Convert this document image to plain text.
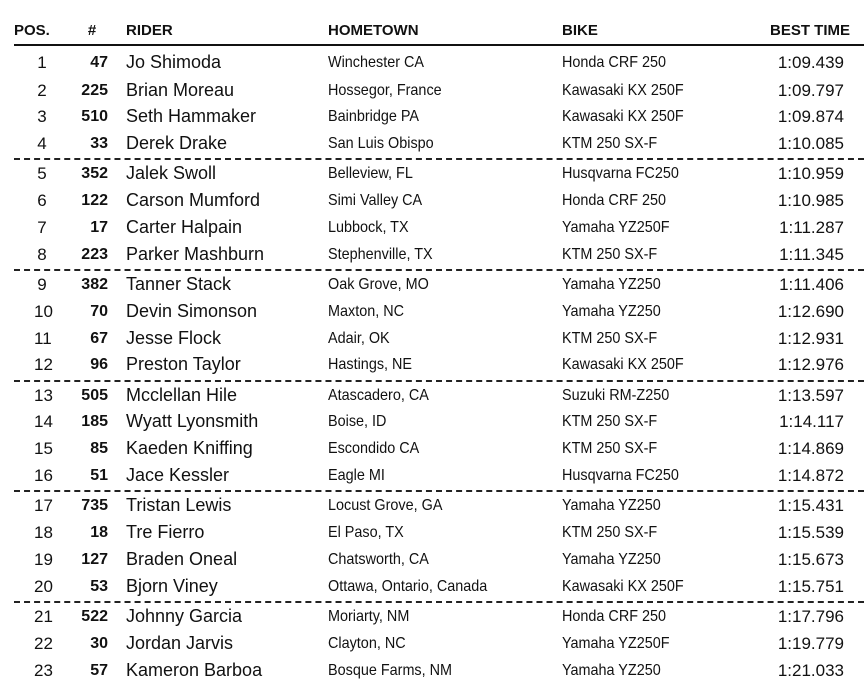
POS.	#	RIDER	HOMETOWN	BIKE	BEST TIME
1	47 Jo Shimoda	Winchester CA	Honda CRF 250	1:09.439
2	225 Brian Moreau	Hossegor, France	Kawasaki KX 250F	1:09.797
3	510 Seth Hammaker	Bainbridge PA	Kawasaki KX 250F	1:09.874
4	33 Derek Drake	San Luis Obispo	KTM 250 SX-F	1:10.085
5	352 Jalek Swoll	Belleview, FL	Husqvarna FC250	1:10.959
6	122 Carson Mumford	Simi Valley CA	Honda CRF 250	1:10.985
7	17 Carter Halpain	Lubbock, TX	Yamaha YZ250F	1:11.287
8	223 Parker Mashburn	Stephenville, TX	KTM 250 SX-F	1:11.345
9	382 Tanner Stack	Oak Grove, MO	Yamaha YZ250	1:11.406
10	70 Devin Simonson	Maxton, NC	Yamaha YZ250	1:12.690
11	67 Jesse Flock	Adair, OK	KTM 250 SX-F	1:12.931
12	96 Preston Taylor	Hastings, NE	Kawasaki KX 250F	1:12.976
13	505 Mcclellan Hile	Atascadero, CA	Suzuki RM-Z250	1:13.597
14	185 Wyatt Lyonsmith	Boise, ID	KTM 250 SX-F	1:14.117
15	85 Kaeden Kniffing	Escondido CA	KTM 250 SX-F	1:14.869
16	51 Jace Kessler	Eagle MI	Husqvarna FC250	1:14.872
17	735 Tristan Lewis	Locust Grove, GA	Yamaha YZ250	1:15.431
18	18 Tre Fierro	El Paso, TX	KTM 250 SX-F	1:15.539
19	127 Braden Oneal	Chatsworth, CA	Yamaha YZ250	1:15.673
20	53 Bjorn Viney	Ottawa, Ontario, Canada	Kawasaki KX 250F	1:15.751
21	522 Johnny Garcia	Moriarty, NM	Honda CRF 250	1:17.796
22	30 Jordan Jarvis	Clayton, NC	Yamaha YZ250F	1:19.779
23	57 Kameron Barboa	Bosque Farms, NM	Yamaha YZ250	1:21.033
